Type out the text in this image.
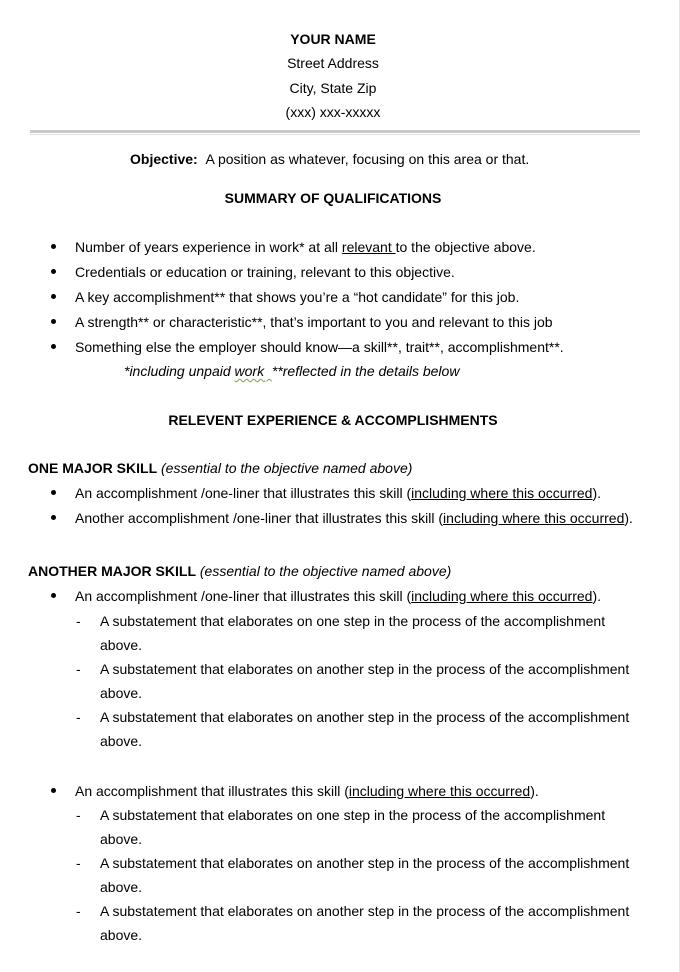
YOUR NAME
Street Address
City, State Zip
(xxx) xxx-xxxxx
Objective: A position as whatever, focusing on this area or that.
SUMMARY OF QUALIFICATIONS
Number of years experience in work* at all relevant to the objective above.
Credentials or education or training, relevant to this objective.
A key accomplishment** that shows you’re a “hot candidate” for this job.
A strength** or characteristic**, that’s important to you and relevant to this job
Something else the employer should know—a skill**, trait**, accomplishment**.
*including unpaid work **reflected in the details below
RELEVENT EXPERIENCE & ACCOMPLISHMENTS
ONE MAJOR SKILL (essential to the objective named above)
An accomplishment /one-liner that illustrates this skill (including where this occurred).
Another accomplishment /one-liner that illustrates this skill (including where this occurred).
ANOTHER MAJOR SKILL (essential to the objective named above)
An accomplishment /one-liner that illustrates this skill (including where this occurred).
- A substatement that elaborates on one step in the process of the accomplishment
above.
- A substatement that elaborates on another step in the process of the accomplishment
above.
- A substatement that elaborates on another step in the process of the accomplishment
above.
An accomplishment that illustrates this skill (including where this occurred).
- A substatement that elaborates on one step in the process of the accomplishment
above.
- A substatement that elaborates on another step in the process of the accomplishment
above.
- A substatement that elaborates on another step in the process of the accomplishment
above.
